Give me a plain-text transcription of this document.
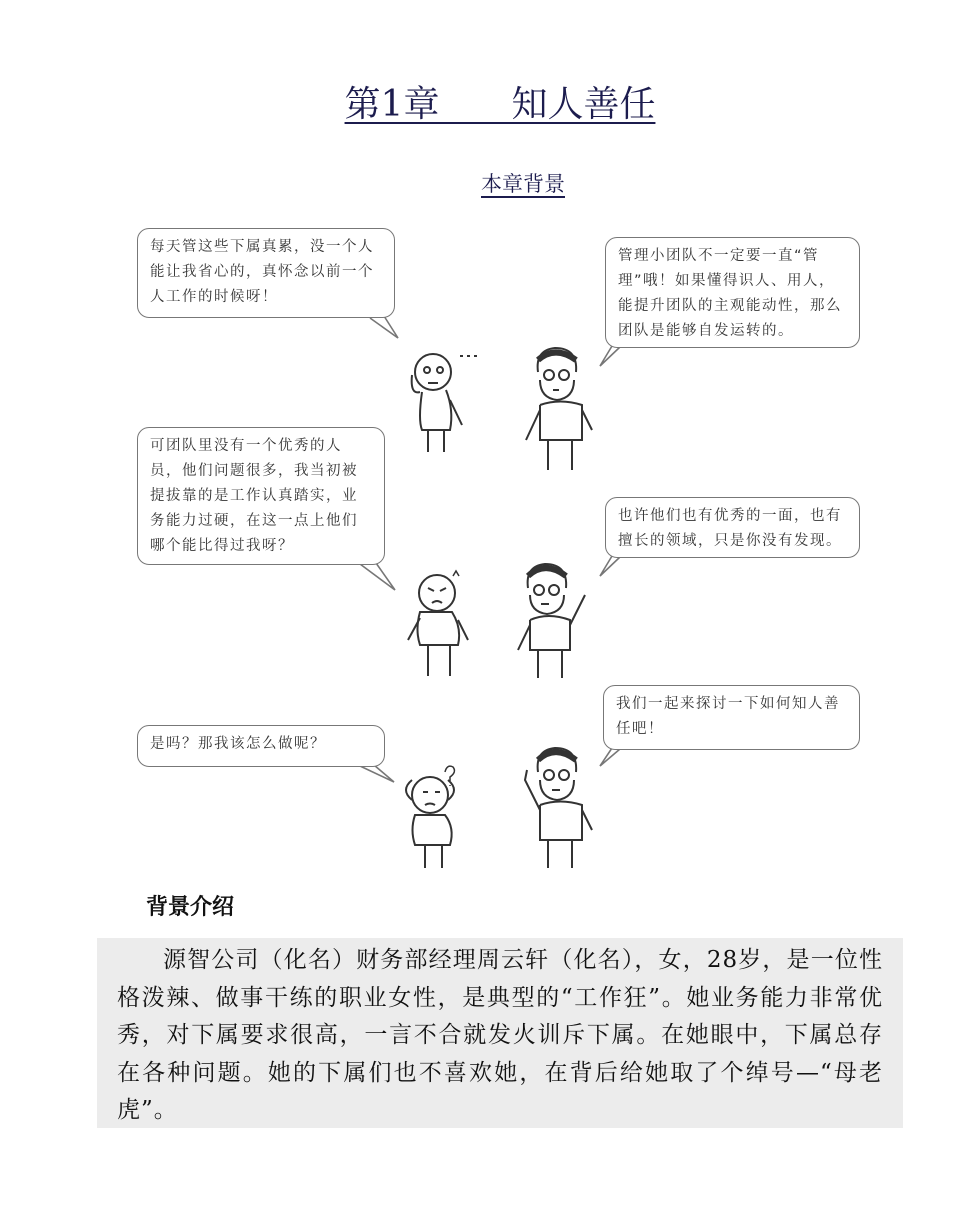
第1章　　知人善任
本章背景
每天管这些下属真累，没一个人能让我省心的，真怀念以前一个人工作的时候呀！
管理小团队不一定要一直“管理”哦！如果懂得识人、用人，能提升团队的主观能动性，那么团队是能够自发运转的。
可团队里没有一个优秀的人员，他们问题很多，我当初被提拔靠的是工作认真踏实，业务能力过硬，在这一点上他们哪个能比得过我呀？
也许他们也有优秀的一面，也有擅长的领域，只是你没有发现。
是吗？那我该怎么做呢？
我们一起来探讨一下如何知人善任吧！
背景介绍

源智公司（化名）财务部经理周云轩（化名），女，28岁，是一位性格泼辣、做事干练的职业女性，是典型的“工作狂”。她业务能力非常优秀，对下属要求很高，一言不合就发火训斥下属。在她眼中，下属总存在各种问题。她的下属们也不喜欢她，在背后给她取了个绰号—“母老虎”。
